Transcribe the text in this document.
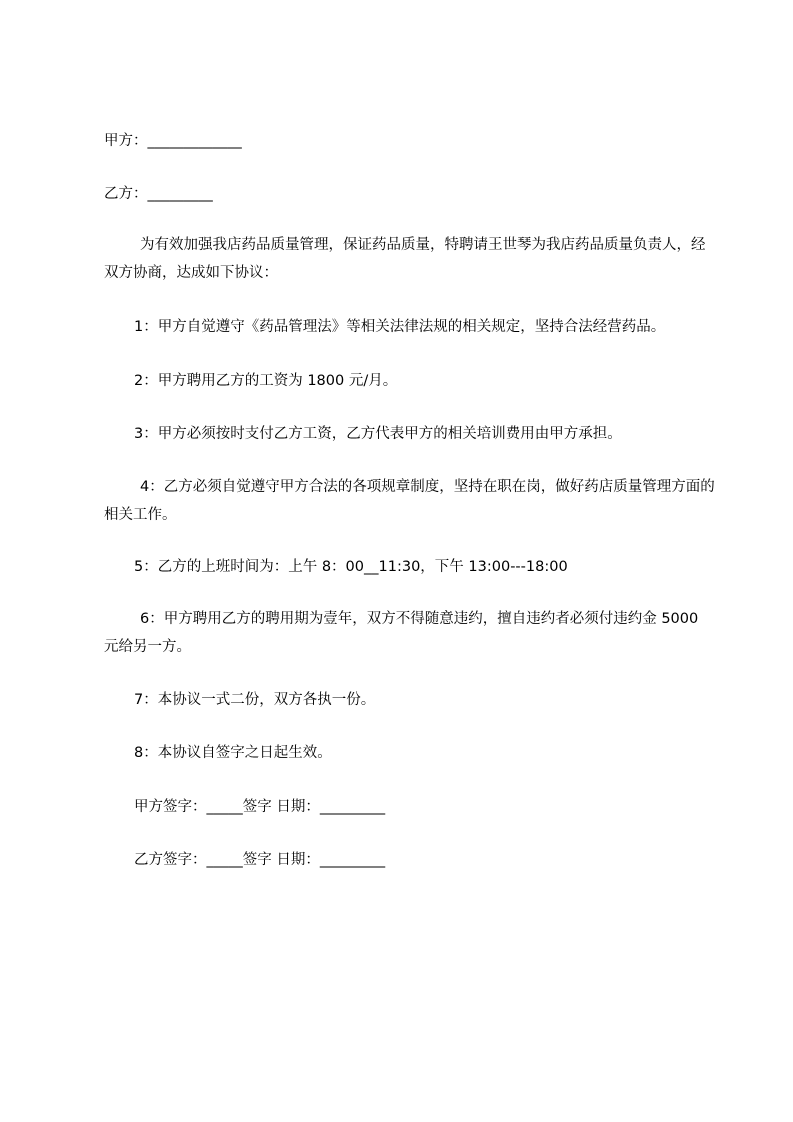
甲方：_____________
乙方：_________
为有效加强我店药品质量管理，保证药品质量，特聘请王世琴为我店药品质量负责人，经双方协商，达成如下协议：
1：甲方自觉遵守《药品管理法》等相关法律法规的相关规定，坚持合法经营药品。
2：甲方聘用乙方的工资为 1800 元/月。
3：甲方必须按时支付乙方工资，乙方代表甲方的相关培训费用由甲方承担。
4：乙方必须自觉遵守甲方合法的各项规章制度，坚持在职在岗，做好药店质量管理方面的相关工作。
5：乙方的上班时间为：上午 8：00__11:30，下午 13:00---18:00
6：甲方聘用乙方的聘用期为壹年，双方不得随意违约，擅自违约者必须付违约金 5000 元给另一方。
7：本协议一式二份，双方各执一份。
8：本协议自签字之日起生效。
甲方签字：_____签字 日期：_________
乙方签字：_____签字 日期：_________
